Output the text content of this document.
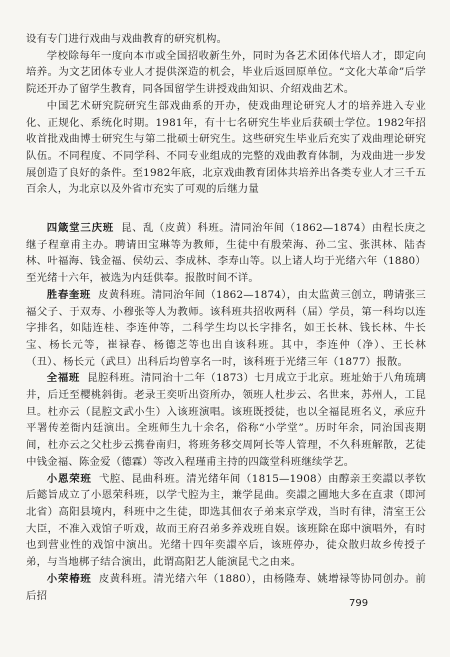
设有专门进行戏曲与戏曲教育的研究机构。

学校除每年一度向本市或全国招收新生外，同时为各艺术团体代培人才，即定向培养。为文艺团体专业人才提供深造的机会，毕业后返回原单位。“文化大革命”后学院还开办了留学生教育，同各国留学生讲授戏曲知识、介绍戏曲艺术。

中国艺术研究院研究生部戏曲系的开办，使戏曲理论研究人才的培养进入专业化、正规化、系统化时期。1981年，有十七名研究生毕业后获硕士学位。1982年招收首批戏曲博士研究生与第二批硕士研究生。这些研究生毕业后充实了戏曲理论研究队伍。不同程度、不同学科、不同专业组成的完整的戏曲教育体制，为戏曲进一步发展创造了良好的条件。至1982年底，北京戏曲教育团体共培养出各类专业人才三千五百余人，为北京以及外省市充实了可观的后继力量

四箴堂三庆班 昆、乱（皮黄）科班。清同治年间（1862—1874）由程长庚之继子程章甫主办。聘请田宝琳等为教师，生徒中有殷荣海、孙二宝、张淇林、陆杏林、叶福海、钱金福、侯幼云、李成林、李寿山等。以上诸人均于光绪六年（1880）至光绪十六年，被选为内廷供奉。报散时间不详。

胜春奎班 皮黄科班。清同治年间（1862—1874），由太监黄三创立，聘请张三福父子、于双寿、小穆张等人为教师。该科班共招收两科（届）学员，第一科均以连字排名，如陆连桂、李连仲等，二科学生均以长字排名，如王长林、钱长林、牛长宝、杨长元等，崔禄春、杨德芝等也出自该科班。其中，李连仲（净）、王长林（丑）、杨长元（武旦）出科后均曾享名一时，该科班于光绪三年（1877）报散。

全福班 昆腔科班。清同治十二年（1873）七月成立于北京。班址始于八角琉璃井，后迁至樱桃斜街。老录王奕听出资所办，领班人杜步云、名世来，苏州人，工昆旦。杜亦云（昆腔文武小生）入该班演唱。该班既授徒，也以全福昆班名义，承应升平署传差衙内廷演出。全班师生九十余名，俗称“小学堂”。历时年余，同治国丧期间，杜亦云之父杜步云携眷南归，将班务移交周阿长等人管理，不久科班解散，艺徒中钱金福、陈金爱（德霖）等改入程瑾甫主持的四箴堂科班继续学艺。

小恩荣班 弋腔、昆曲科班。清光绪年间（1815—1908）由醇亲王奕譞以孝钦后懿旨成立了小恩荣科班，以学弋腔为主，兼学昆曲。奕譞之圃地大多在直隶（即河北省）高阳县境内，科班中之生徒，即选其佃农子弟来京学戏，当时有律，清室王公大臣，不准入戏馆子听戏，故而王府召弟多养戏班自娱。该班除在邸中演唱外，有时也到营业性的戏馆中演出。光绪十四年奕譞卒后，该班停办，徒众散归故乡传授子弟，与当地梆子结合演出，此谓高阳艺人能演昆弋之由来。

小荣椿班 皮黄科班。清光绪六年（1880），由杨隆寿、姚增禄等协同创办。前后招

799
